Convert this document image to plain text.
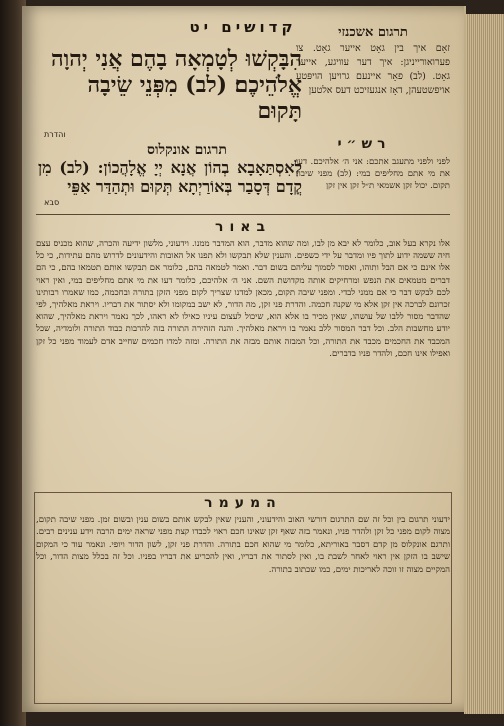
קדושים יט	תרגום אשכנזי
זאָם איך בין גאָט אייער גאָט. צו פערואורייניגן: איך דער עוויגע, אייער גאָט. (לב) פאָר איינעם גרויען הויפּטע אויפשטעהן, דאָז אנגעזיכט דעס אלטען
הִבָּקְשׁוּ לְטָמְאָה בָהֶם אֲנִי יְהוָה אֱלֹהֵיכֶם׃ (לב) מִפְּנֵי שֵׂיבָה תָּקוּם
והדרת
רש״י
לפני ולפני מתעגב אתכם: אני ה׳ אלהיכם. דעו את מי אתם מחליפים במי: (לב) מפני שיבה תקום. יכול זקן אשמאי ת״ל זקן אין זקן
תרגום אונקלוס
לְאִסְתַּאָבָא בְהוֹן אֲנָא יְיָ אֱלָהֲכוֹן: (לב) מִן קֳדָם דְּסָבַר בְּאוֹרַיְתָא תְּקוּם וּתְהַדַּר אַפֵּי
סבא
באור
אלו נקרא בעל אוב, כלומר לא יבא מן לבו, ומה שהוא מדבר, הוא המדבר ממנו. וידעוני, מלשון ידיעה והכרה, שהוא מכניס עצם חיה ששמה ידוע לתוך פיו ומדבר על ידי כשפים. והענין שלא תבקשו ולא תפנו אל האובות והידעונים לדרוש מהם עתידות, כי כל אלו אינם כי אם הבל ותוהו, ואסור לסמוך עליהם בשום דבר. ואמר לטמאה בהם, כלומר אם תבקשו אותם תטמאו בהם, כי הם דברים מטמאים את הנפש ומרחיקים אותה מקדושת השם. אני ה׳ אלהיכם, כלומר דעו את מי אתם מחליפים במי, ואין ראוי לכם לבקש דבר כי אם ממני לבדי. ומפני שיבה תקום, מכאן למדנו שצריך לקום מפני הזקן בתורה ובחכמה, כמו שאמרו רבותינו זכרונם לברכה אין זקן אלא מי שקנה חכמה. והדרת פני זקן, מה הדור, לא ישב במקומו ולא יסתור את דבריו. ויראת מאלהיך, לפי שהדבר מסור ללבו של עושהו, שאין מכיר בו אלא הוא, שיכול לעצום עיניו כאילו לא ראהו, לכך נאמר ויראת מאלהיך, שהוא יודע מחשבות הלב. וכל דבר המסור ללב נאמר בו ויראת מאלהיך. והנה הזהירה התורה בזה להרבות כבוד התורה ולומדיה, שכל המכבד את החכמים מכבד את התורה, וכל המבזה אותם מבזה את התורה. ומזה למדו חכמים שחייב אדם לעמוד מפני כל זקן ואפילו אינו חכם, ולהדר פניו בדברים.
המעמר
ידעוני תרגום בין וכל זה שם התרגום דורשי האוב והידעוני, והענין שאין לבקש אותם בשום ענין ובשום זמן. מפני שיבה תקום, מצוה לקום מפני כל זקן ולהדר פניו, ונאמר בזה שאף זקן שאינו חכם ראוי לכבדו קצת מפני שראה ימים הרבה וידע ענינים רבים. ותרגם אונקלוס מן קדם דסבר באוריתא, כלומר מי שהוא חכם בתורה. והדרת פני זקן, לשון הדור ויופי. ונאמר עוד כי המקום שישב בו הזקן אין ראוי לאחר לשבת בו, ואין לסתור את דבריו, ואין להכריע את דבריו בפניו. וכל זה בכלל מצות הדור, וכל המקיים מצוה זו זוכה לאריכות ימים, כמו שכתוב בתורה.
